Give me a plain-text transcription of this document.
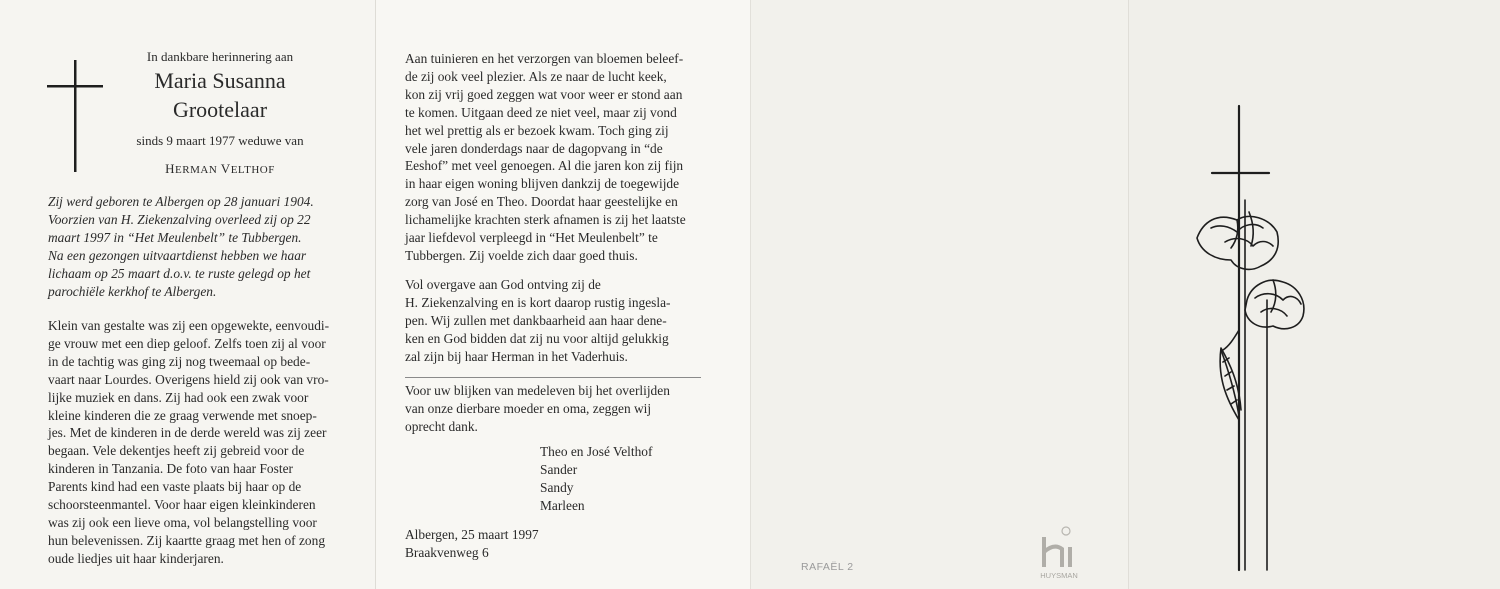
In dankbare herinnering aan
Maria Susanna
Grootelaar
sinds 9 maart 1977 weduwe van
HERMAN VELTHOF
Zij werd geboren te Albergen op 28 januari 1904.
Voorzien van H. Ziekenzalving overleed zij op 22
maart 1997 in “Het Meulenbelt” te Tubbergen.
Na een gezongen uitvaartdienst hebben we haar
lichaam op 25 maart d.o.v. te ruste gelegd op het
parochiële kerkhof te Albergen.
Klein van gestalte was zij een opgewekte, eenvoudi-
ge vrouw met een diep geloof. Zelfs toen zij al voor
in de tachtig was ging zij nog tweemaal op bede-
vaart naar Lourdes. Overigens hield zij ook van vro-
lijke muziek en dans. Zij had ook een zwak voor
kleine kinderen die ze graag verwende met snoep-
jes. Met de kinderen in de derde wereld was zij zeer
begaan. Vele dekentjes heeft zij gebreid voor de
kinderen in Tanzania. De foto van haar Foster
Parents kind had een vaste plaats bij haar op de
schoorsteenmantel. Voor haar eigen kleinkinderen
was zij ook een lieve oma, vol belangstelling voor
hun belevenissen. Zij kaartte graag met hen of zong
oude liedjes uit haar kinderjaren.
Aan tuinieren en het verzorgen van bloemen beleef-
de zij ook veel plezier. Als ze naar de lucht keek,
kon zij vrij goed zeggen wat voor weer er stond aan
te komen. Uitgaan deed ze niet veel, maar zij vond
het wel prettig als er bezoek kwam. Toch ging zij
vele jaren donderdags naar de dagopvang in “de
Eeshof” met veel genoegen. Al die jaren kon zij fijn
in haar eigen woning blijven dankzij de toegewijde
zorg van José en Theo. Doordat haar geestelijke en
lichamelijke krachten sterk afnamen is zij het laatste
jaar liefdevol verpleegd in “Het Meulenbelt” te
Tubbergen. Zij voelde zich daar goed thuis.
Vol overgave aan God ontving zij de
H. Ziekenzalving en is kort daarop rustig ingesla-
pen. Wij zullen met dankbaarheid aan haar dene-
ken en God bidden dat zij nu voor altijd gelukkig
zal zijn bij haar Herman in het Vaderhuis.
Voor uw blijken van medeleven bij het overlijden
van onze dierbare moeder en oma, zeggen wij
oprecht dank.
Theo en José Velthof
Sander
Sandy
Marleen
Albergen, 25 maart 1997
Braakvenweg 6
RAFAËL 2
HUYSMAN
